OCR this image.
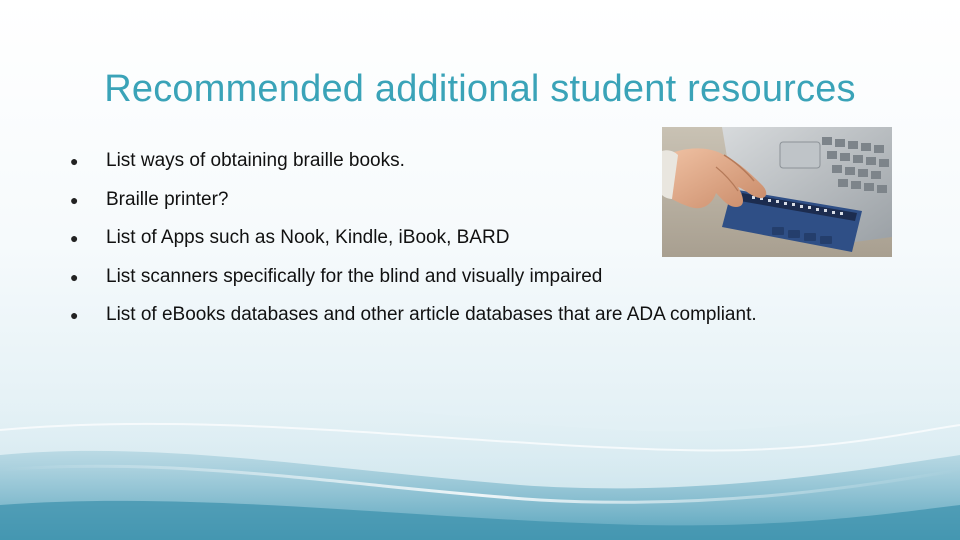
Recommended additional student resources
● List ways of obtaining braille books.
● Braille printer?
● List of Apps such as Nook, Kindle, iBook, BARD
● List scanners specifically for the blind and visually impaired
● List of eBooks databases and other article databases that are ADA compliant.
